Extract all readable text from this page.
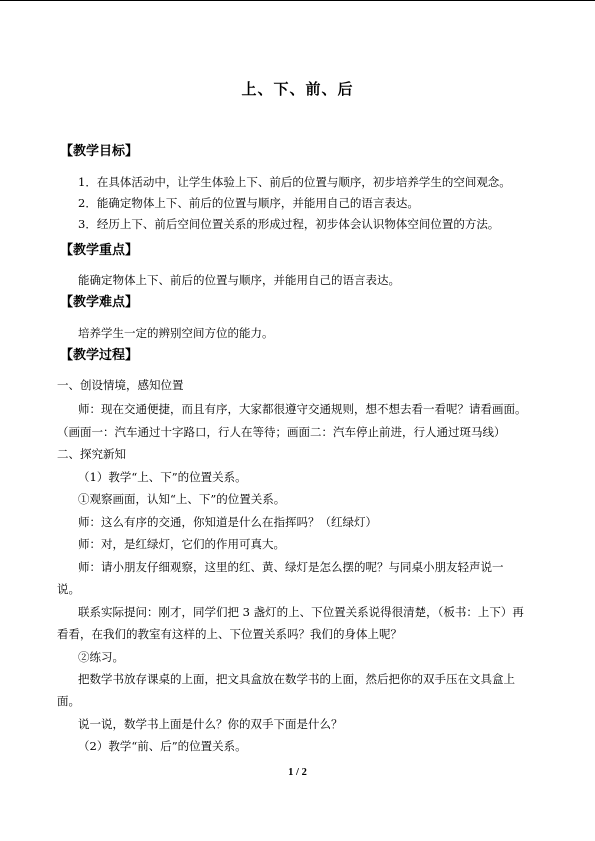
上、下、前、后
【教学目标】
1．在具体活动中，让学生体验上下、前后的位置与顺序，初步培养学生的空间观念。
2．能确定物体上下、前后的位置与顺序，并能用自己的语言表达。
3．经历上下、前后空间位置关系的形成过程，初步体会认识物体空间位置的方法。
【教学重点】
能确定物体上下、前后的位置与顺序，并能用自己的语言表达。
【教学难点】
培养学生一定的辨别空间方位的能力。
【教学过程】
一、创设情境，感知位置
师：现在交通便捷，而且有序，大家都很遵守交通规则，想不想去看一看呢？请看画面。
（画面一：汽车通过十字路口，行人在等待；画面二：汽车停止前进，行人通过斑马线）
二、探究新知
（1）教学“上、下”的位置关系。
①观察画面，认知“上、下”的位置关系。
师：这么有序的交通，你知道是什么在指挥吗？（红绿灯）
师：对，是红绿灯，它们的作用可真大。
师：请小朋友仔细观察，这里的红、黄、绿灯是怎么摆的呢？与同桌小朋友轻声说一
说。
联系实际提问：刚才，同学们把 3 盏灯的上、下位置关系说得很清楚，（板书：上下）再
看看，在我们的教室有这样的上、下位置关系吗？我们的身体上呢？
②练习。
把数学书放存课桌的上面，把文具盒放在数学书的上面，然后把你的双手压在文具盒上
面。
说一说，数学书上面是什么？你的双手下面是什么？
（2）教学“前、后”的位置关系。
1 / 2
